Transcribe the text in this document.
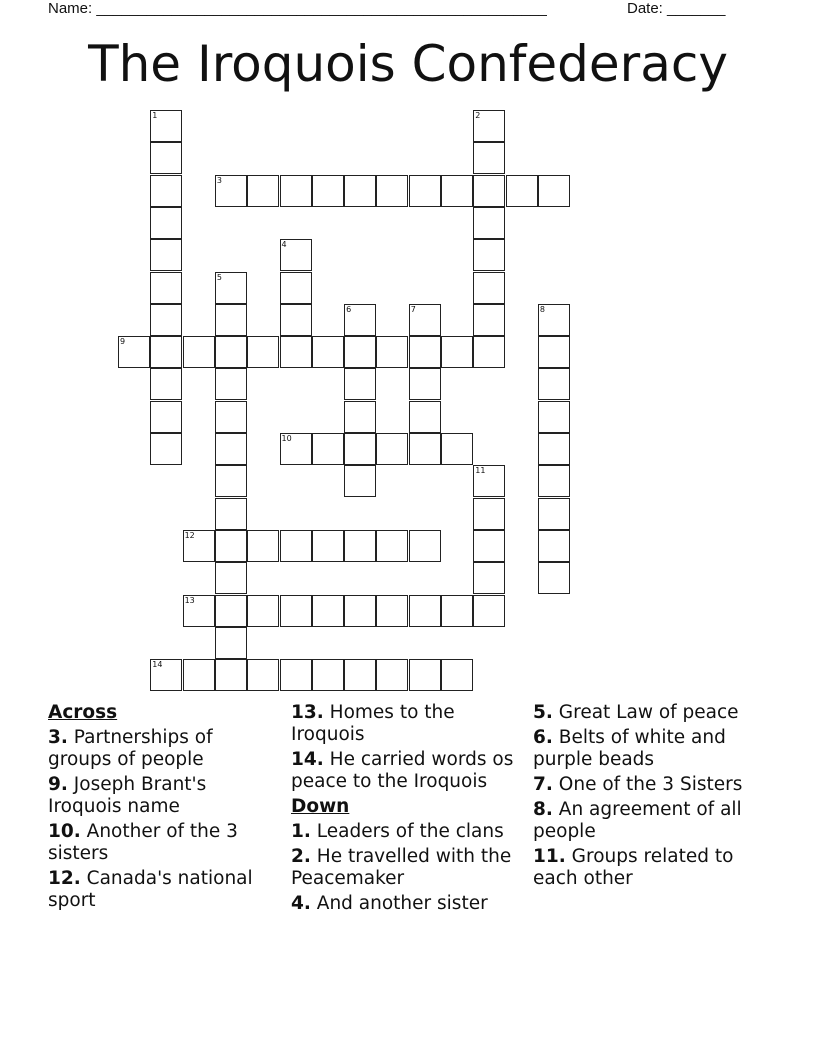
Name: ______________________________________________________	Date: _______
The Iroquois Confederacy
1	2
3
4
5
6	7	8
9
10
11
12
13
14
Across
3. Partnerships of groups of people
9. Joseph Brant's Iroquois name
10. Another of the 3 sisters
12. Canada's national sport
13. Homes to the Iroquois
14. He carried words os peace to the Iroquois
Down
1. Leaders of the clans
2. He travelled with the Peacemaker
4. And another sister
5. Great Law of peace
6. Belts of white and purple beads
7. One of the 3 Sisters
8. An agreement of all people
11. Groups related to each other
